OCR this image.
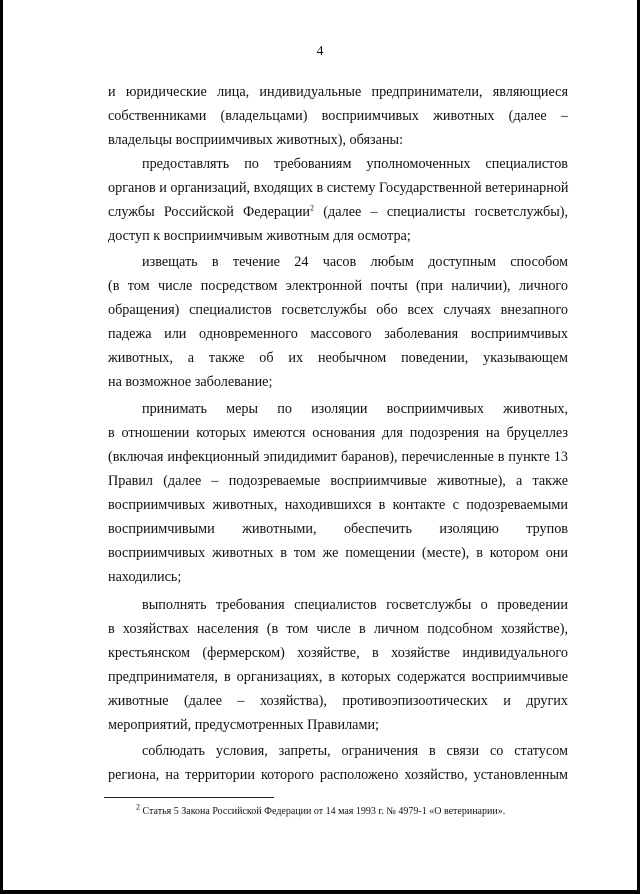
4
и юридические лица, индивидуальные предприниматели, являющиеся
собственниками (владельцами) восприимчивых животных (далее –
владельцы восприимчивых животных), обязаны:
предоставлять по требованиям уполномоченных специалистов
органов и организаций, входящих в систему Государственной ветеринарной
службы Российской Федерации$^2$ (далее – специалисты госветслужбы),
доступ к восприимчивым животным для осмотра;
извещать в течение 24 часов любым доступным способом
(в том числе посредством электронной почты (при наличии), личного
обращения) специалистов госветслужбы обо всех случаях внезапного
падежа или одновременного массового заболевания восприимчивых
животных, а также об их необычном поведении, указывающем
на возможное заболевание;
принимать меры по изоляции восприимчивых животных,
в отношении которых имеются основания для подозрения на бруцеллез
(включая инфекционный эпидидимит баранов), перечисленные в пункте 13
Правил (далее – подозреваемые восприимчивые животные), а также
восприимчивых животных, находившихся в контакте с подозреваемыми
восприимчивыми животными, обеспечить изоляцию трупов
восприимчивых животных в том же помещении (месте), в котором они
находились;
выполнять требования специалистов госветслужбы о проведении
в хозяйствах населения (в том числе в личном подсобном хозяйстве),
крестьянском (фермерском) хозяйстве, в хозяйстве индивидуального
предпринимателя, в организациях, в которых содержатся восприимчивые
животные (далее – хозяйства), противоэпизоотических и других
мероприятий, предусмотренных Правилами;
соблюдать условия, запреты, ограничения в связи со статусом
региона, на территории которого расположено хозяйство, установленным
$^2$ Статья 5 Закона Российской Федерации от 14 мая 1993 г. № 4979-1 «О ветеринарии».
